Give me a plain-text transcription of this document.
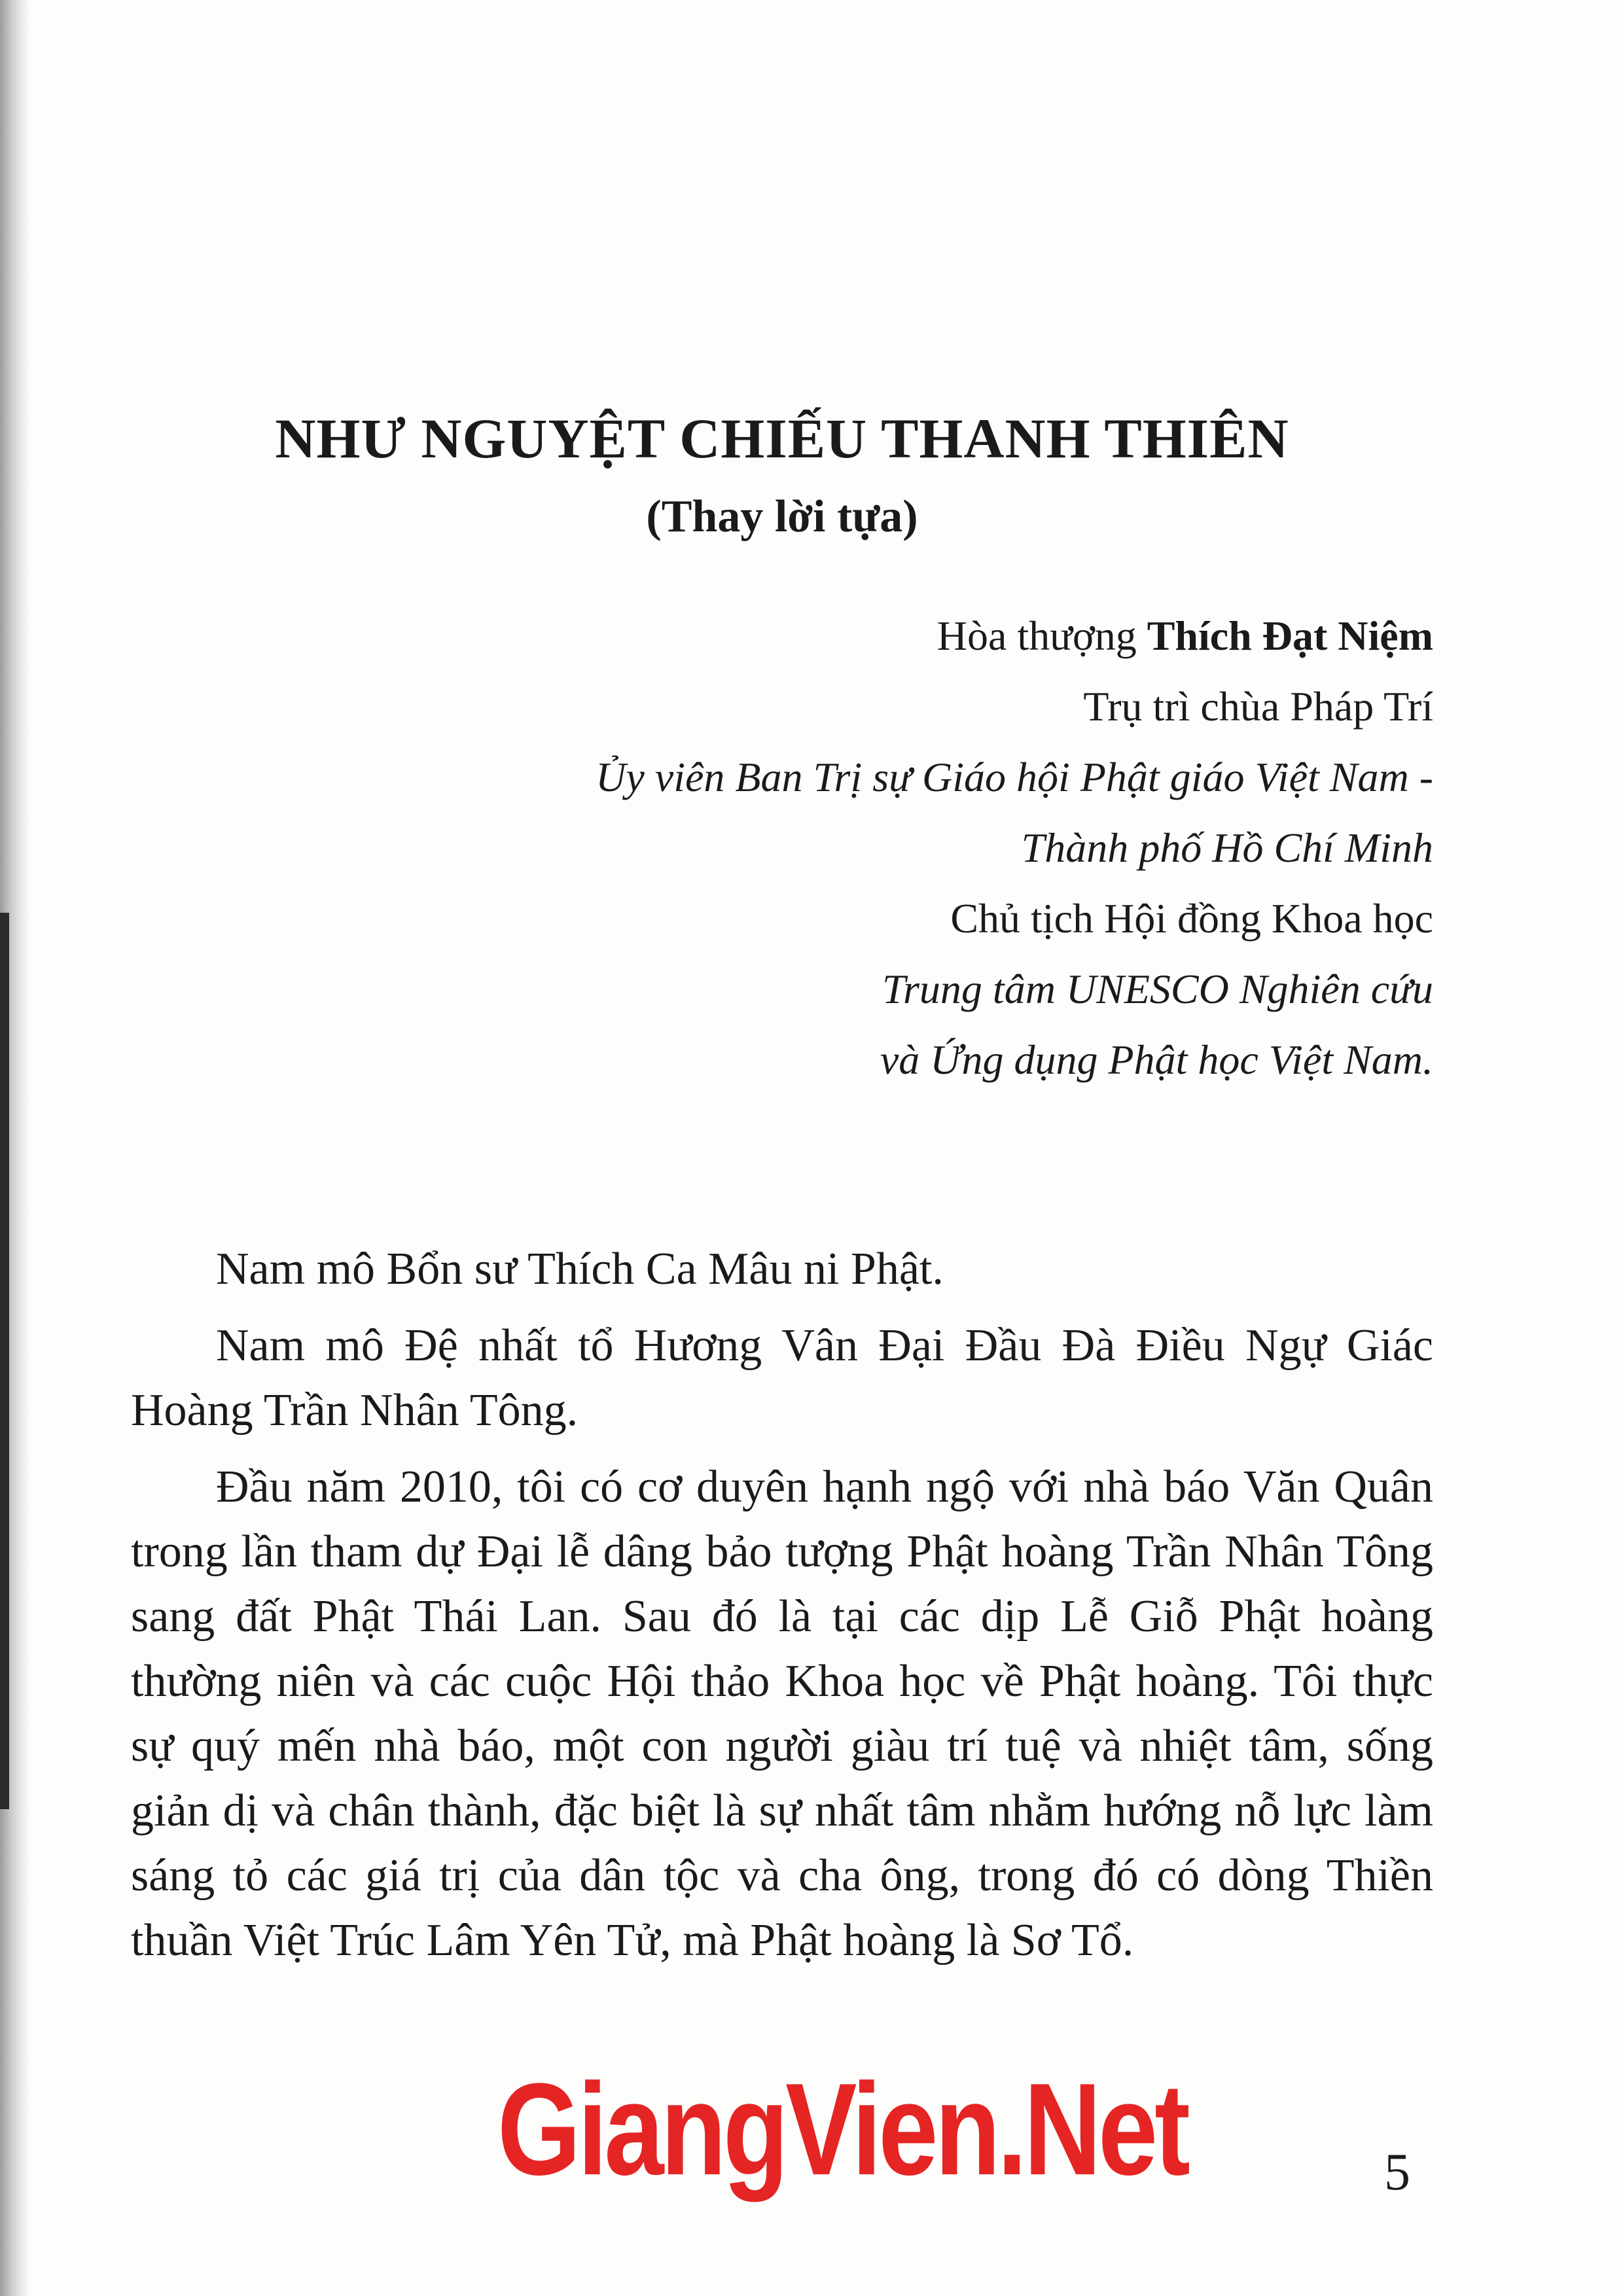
NHƯ NGUYỆT CHIẾU THANH THIÊN
(Thay lời tựa)
Hòa thượng Thích Đạt Niệm
Trụ trì chùa Pháp Trí
Ủy viên Ban Trị sự Giáo hội Phật giáo Việt Nam -
Thành phố Hồ Chí Minh
Chủ tịch Hội đồng Khoa học
Trung tâm UNESCO Nghiên cứu
và Ứng dụng Phật học Việt Nam.

Nam mô Bổn sư Thích Ca Mâu ni Phật.

Nam mô Đệ nhất tổ Hương Vân Đại Đầu Đà Điều Ngự Giác Hoàng Trần Nhân Tông.

Đầu năm 2010, tôi có cơ duyên hạnh ngộ với nhà báo Văn Quân trong lần tham dự Đại lễ dâng bảo tượng Phật hoàng Trần Nhân Tông sang đất Phật Thái Lan. Sau đó là tại các dịp Lễ Giỗ Phật hoàng thường niên và các cuộc Hội thảo Khoa học về Phật hoàng. Tôi thực sự quý mến nhà báo, một con người giàu trí tuệ và nhiệt tâm, sống giản dị và chân thành, đặc biệt là sự nhất tâm nhằm hướng nỗ lực làm sáng tỏ các giá trị của dân tộc và cha ông, trong đó có dòng Thiền thuần Việt Trúc Lâm Yên Tử, mà Phật hoàng là Sơ Tổ.

GiangVien.Net	5
